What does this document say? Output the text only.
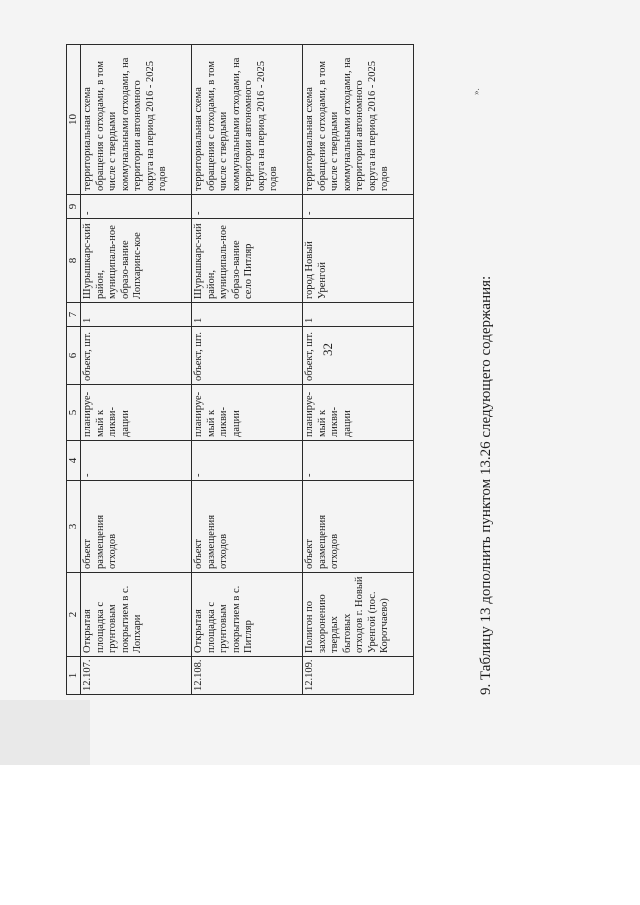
32
1	2	3	4	5	6	7	8	9	10
12.107.	Открытая площадка с грунтовым покрытием в с. Лопхари	объект размещения отходов	-	планируе-мый к ликви-дации	объект, шт.	1	Шурышкарс-кий район, муниципаль-ное образо-вание Лопхаринс-кое	-	территориальная схема обращения с отходами, в том числе с твердыми коммунальными отходами, на территории автономного округа на период 2016 - 2025 годов
12.108.	Открытая площадка с грунтовым покрытием в с. Питляр	объект размещения отходов	-	планируе-мый к ликви-дации	объект, шт.	1	Шурышкарс-кий район, муниципаль-ное образо-вание село Питляр	-	территориальная схема обращения с отходами, в том числе с твердыми коммунальными отходами, на территории автономного округа на период 2016 - 2025 годов
12.109.	Полигон по захоронению твердых бытовых отходов г. Новый Уренгой (пос. Коротчаево)	объект размещения отходов	-	планируе-мый к ликви-дации	объект, шт.	1	город Новый Уренгой	-	территориальная схема обращения с отходами, в том числе с твердыми коммунальными отходами, на территории автономного округа на период 2016 - 2025 годов
9. Таблицу 13 дополнить пунктом 13.26 следующего содержания:
».
